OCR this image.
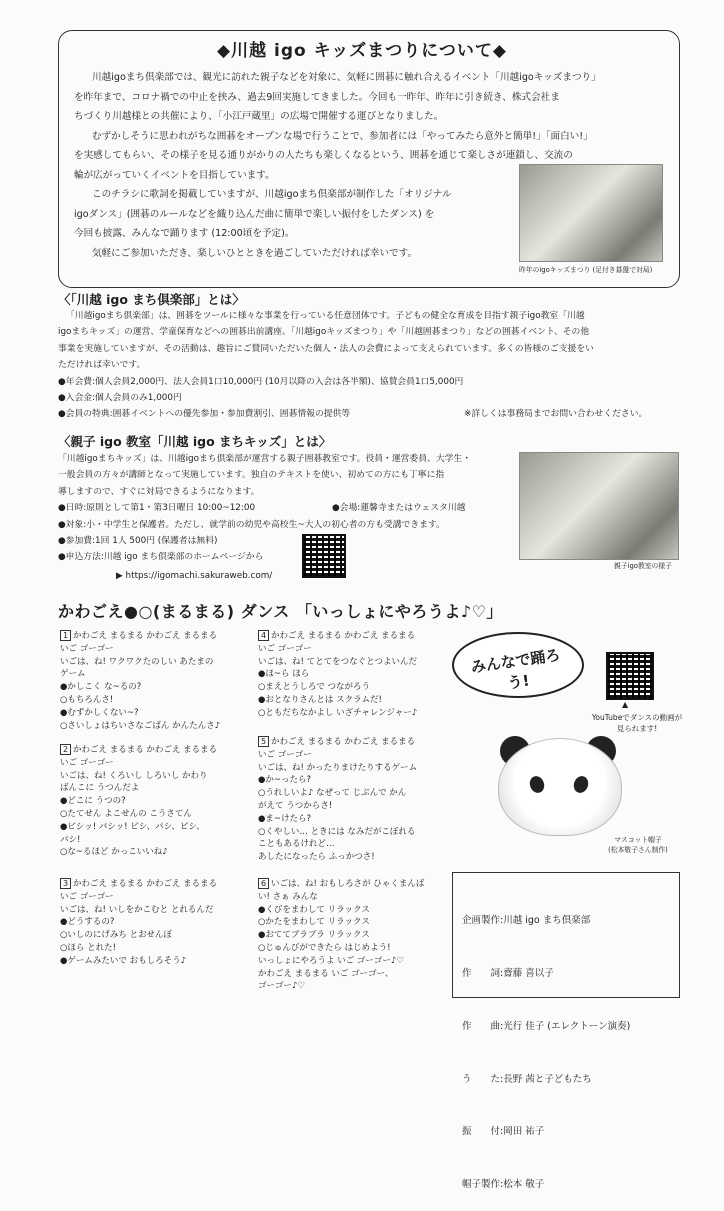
◆川越 igo キッズまつりについて◆
川越igoまち倶楽部では、観光に訪れた親子などを対象に、気軽に囲碁に触れ合えるイベント「川越igoキッズまつり」
を昨年まで、コロナ禍での中止を挟み、過去9回実施してきました。今回も一昨年、昨年に引き続き、株式会社ま
ちづくり川越様との共催により、「小江戸蔵里」の広場で開催する運びとなりました。
むずかしそうに思われがちな囲碁をオープンな場で行うことで、参加者には「やってみたら意外と簡単!」「面白い!」
を実感してもらい、その様子を見る通りがかりの人たちも楽しくなるという、囲碁を通じて楽しさが連鎖し、交流の
輪が広がっていくイベントを目指しています。
このチラシに歌詞を掲載していますが、川越igoまち倶楽部が制作した「オリジナル
igoダンス」(囲碁のルールなどを織り込んだ曲に簡単で楽しい振付をしたダンス) を
今回も披露、みんなで踊ります (12:00頃を予定)。
気軽にご参加いただき、楽しいひとときを過ごしていただければ幸いです。
昨年のigoキッズまつり (足付き碁盤で対局)
〈「川越 igo まち倶楽部」とは〉
「川越igoまち倶楽部」は、囲碁をツールに様々な事業を行っている任意団体です。子どもの健全な育成を目指す親子igo教室「川越
igoまちキッズ」の運営、学童保育などへの囲碁出前講座、「川越igoキッズまつり」や「川越囲碁まつり」などの囲碁イベント、その他
事業を実施していますが、その活動は、趣旨にご賛同いただいた個人・法人の会費によって支えられています。多くの皆様のご支援をい
ただければ幸いです。
●年会費:個人会員2,000円、法人会員1口10,000円 (10月以降の入会は各半額)、協賛会員1口5,000円
●入会金:個人会員のみ1,000円
●会員の特典:囲碁イベントへの優先参加・参加費割引、囲碁情報の提供等	※詳しくは事務局までお問い合わせください。
〈親子 igo 教室「川越 igo まちキッズ」とは〉
「川越igoまちキッズ」は、川越igoまち倶楽部が運営する親子囲碁教室です。役員・運営委員、大学生・
一般会員の方々が講師となって実施しています。独自のテキストを使い、初めての方にも丁寧に指
導しますので、すぐに対局できるようになります。
●日時:原則として第1・第3日曜日 10:00~12:00
●対象:小・中学生と保護者。ただし、就学前の幼児や高校生~大人の初心者の方も受講できます。
●参加費:1回 1人 500円 (保護者は無料)
●申込方法:川越 igo まち倶楽部のホームページから
●会場:蓮馨寺またはウェスタ川越
▶ https://igomachi.sakuraweb.com/
親子igo教室の様子
かわごえ●○(まるまる) ダンス 「いっしょにやろうよ♪♡」
1 かわごえ まるまる かわごえ まるまる
いご ゴーゴー
いごは、ね! ワクワクたのしい あたまの
ゲーム
●かしこく な~るの?
○もちろんさ!
●むずかしくない~?
○さいしょはちいさなごばん かんたんさ♪
2 かわごえ まるまる かわごえ まるまる
いご ゴーゴー
いごは、ね! くろいし しろいし かわり
ばんこに うつんだよ
●どこに うつの?
○たてせん よこせんの こうさてん
●ピシッ! パシッ! ピシ、パシ、ピシ、
パシ!
○な~るほど かっこいいね♪
3 かわごえ まるまる かわごえ まるまる
いご ゴーゴー
いごは、ね! いしをかこむと とれるんだ
●どうするの?
○いしのにげみち とおせんぼ
○ほら とれた!
●ゲームみたいで おもしろそう♪
4 かわごえ まるまる かわごえ まるまる
いご ゴーゴー
いごは、ね! てとてをつなぐとつよいんだ
●ほ~ら ほら
○まえとうしろで つながろう
●おとなりさんとは スクラムだ!
○ともだちなかよし いざチャレンジャー♪
5 かわごえ まるまる かわごえ まるまる
いご ゴーゴー
いごは、ね! かったりまけたりするゲーム
●か~ったら?
○うれしいよ♪ なぜって じぶんで かん
がえて うつからさ!
●ま~けたら?
○くやしい… ときには なみだがこぼれる
こともあるけれど…
あしたになったら ふっかつさ!
6 いごは、ね! おもしろさが ひゃくまんば
い! さぁ みんな
●くびをまわして リラックス
○かたをまわして リラックス
●おててブラブラ リラックス
○じゅんびができたら はじめよう!
いっしょにやろうよ いご ゴーゴー♪♡
かわごえ まるまる いご ゴーゴー、
ゴーゴー♪♡
みんなで踊ろう!
▲
YouTubeでダンスの動画が
見られます!
マスコット帽子
(松本敬子さん制作)

企画製作:川越 igo まち倶楽部

作　　詞:齋藤 喜以子

作　　曲:光行 佳子 (エレクトーン演奏)

う　　た:長野 茜と子どもたち

振　　付:岡田 祐子

帽子製作:松本 敬子
